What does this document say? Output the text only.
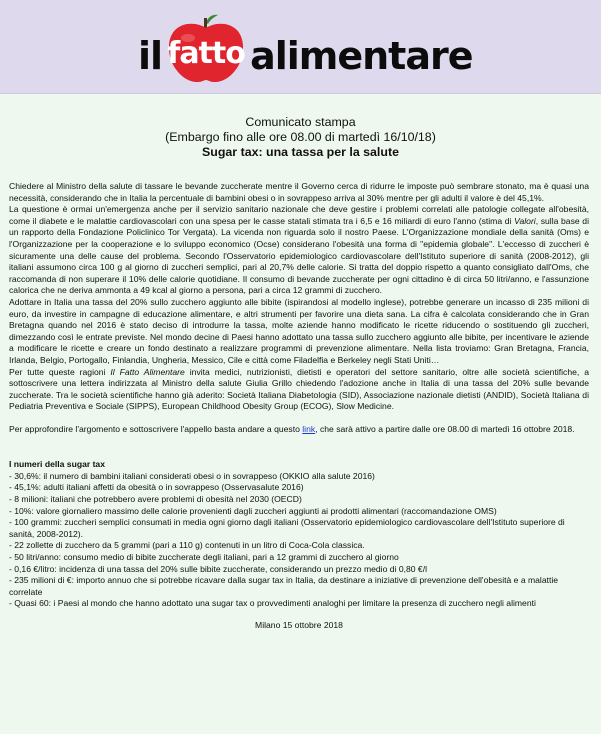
il fatto alimentare
Comunicato stampa
(Embargo fino alle ore 08.00 di martedì 16/10/18)
Sugar tax: una tassa per la salute

Chiedere al Ministro della salute di tassare le bevande zuccherate mentre il Governo cerca di ridurre le imposte può sembrare stonato, ma è quasi una necessità, considerando che in Italia la percentuale di bambini obesi o in sovrappeso arriva al 30% mentre per gli adulti il valore è del 45,1%.

La questione è ormai un'emergenza anche per il servizio sanitario nazionale che deve gestire i problemi correlati alle patologie collegate all'obesità, come il diabete e le malattie cardiovascolari con una spesa per le casse statali stimata tra i 6,5 e 16 miliardi di euro l'anno (stima di Valori, sulla base di un rapporto della Fondazione Policlinico Tor Vergata). La vicenda non riguarda solo il nostro Paese. L'Organizzazione mondiale della sanità (Oms) e l'Organizzazione per la cooperazione e lo sviluppo economico (Ocse) considerano l'obesità una forma di "epidemia globale". L'eccesso di zuccheri è sicuramente una delle cause del problema. Secondo l'Osservatorio epidemiologico cardiovascolare dell'Istituto superiore di sanità (2008-2012), gli italiani assumono circa 100 g al giorno di zuccheri semplici, pari al 20,7% delle calorie. Si tratta del doppio rispetto a quanto consigliato dall'Oms, che raccomanda di non superare il 10% delle calorie quotidiane. Il consumo di bevande zuccherate per ogni cittadino è di circa 50 litri/anno, e l'assunzione calorica che ne deriva ammonta a 49 kcal al giorno a persona, pari a circa 12 grammi di zucchero.

Adottare in Italia una tassa del 20% sullo zucchero aggiunto alle bibite (ispirandosi al modello inglese), potrebbe generare un incasso di 235 milioni di euro, da investire in campagne di educazione alimentare, e altri strumenti per favorire una dieta sana. La cifra è calcolata considerando che in Gran Bretagna quando nel 2016 è stato deciso di introdurre la tassa, molte aziende hanno modificato le ricette riducendo o sostituendo gli zuccheri, dimezzando così le entrate previste. Nel mondo decine di Paesi hanno adottato una tassa sullo zucchero aggiunto alle bibite, per incentivare le aziende a modificare le ricette e creare un fondo destinato a realizzare programmi di prevenzione alimentare. Nella lista troviamo: Gran Bretagna, Francia, Irlanda, Belgio, Portogallo, Finlandia, Ungheria, Messico, Cile e città come Filadelfia e Berkeley negli Stati Uniti…

Per tutte queste ragioni Il Fatto Alimentare invita medici, nutrizionisti, dietisti e operatori del settore sanitario, oltre alle società scientifiche, a sottoscrivere una lettera indirizzata al Ministro della salute Giulia Grillo chiedendo l'adozione anche in Italia di una tassa del 20% sulle bevande zuccherate. Tra le società scientifiche hanno già aderito: Società Italiana Diabetologia (SID), Associazione nazionale dietisti (ANDID), Società Italiana di Pediatria Preventiva e Sociale (SIPPS), European Childhood Obesity Group (ECOG), Slow Medicine.

Per approfondire l'argomento e sottoscrivere l'appello basta andare a questo link, che sarà attivo a partire dalle ore 08.00 di martedì 16 ottobre 2018.

I numeri della sugar tax

- 30,6%: il numero di bambini italiani considerati obesi o in sovrappeso (OKKIO alla salute 2016)
- 45,1%: adulti italiani affetti da obesità o in sovrappeso (Osservasalute 2016)
- 8 milioni: italiani che potrebbero avere problemi di obesità nel 2030 (OECD)
- 10%: valore giornaliero massimo delle calorie provenienti dagli zuccheri aggiunti ai prodotti alimentari (raccomandazione OMS)
- 100 grammi: zuccheri semplici consumati in media ogni giorno dagli italiani (Osservatorio epidemiologico cardiovascolare dell'Istituto superiore di sanità, 2008-2012).
- 22 zollette di zucchero da 5 grammi (pari a 110 g) contenuti in un litro di Coca-Cola classica.
- 50 litri/anno: consumo medio di bibite zuccherate degli italiani, pari a 12 grammi di zucchero al giorno
- 0,16 €/litro: incidenza di una tassa del 20% sulle bibite zuccherate, considerando un prezzo medio di 0,80 €/l
- 235 milioni di €: importo annuo che si potrebbe ricavare dalla sugar tax in Italia, da destinare a iniziative di prevenzione dell'obesità e a malattie correlate
- Quasi 60: i Paesi al mondo che hanno adottato una sugar tax o provvedimenti analoghi per limitare la presenza di zucchero negli alimenti
Milano 15 ottobre 2018
